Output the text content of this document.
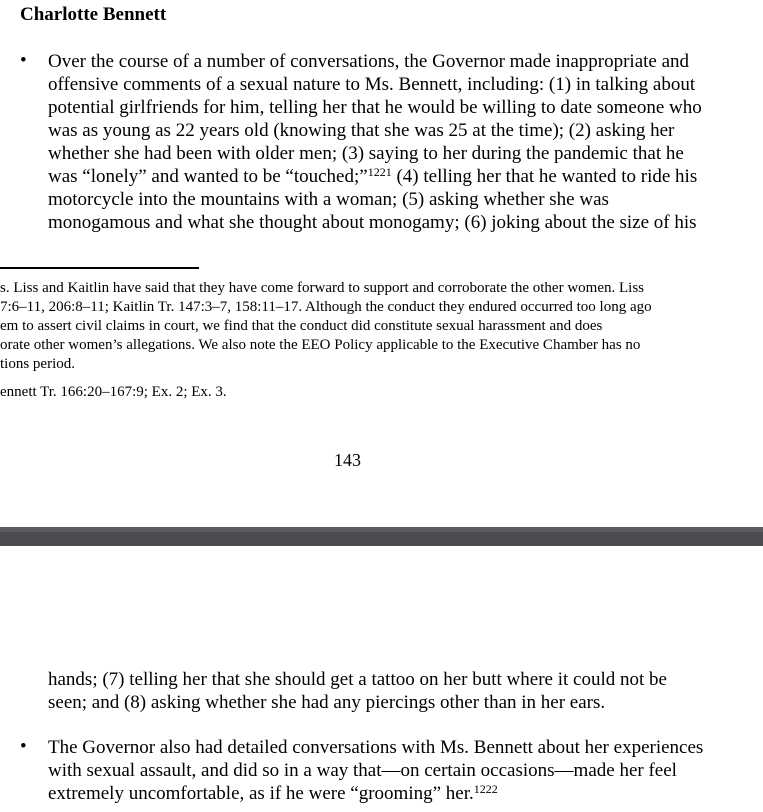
Charlotte Bennett
• Over the course of a number of conversations, the Governor made inappropriate and
offensive comments of a sexual nature to Ms. Bennett, including: (1) in talking about
potential girlfriends for him, telling her that he would be willing to date someone who
was as young as 22 years old (knowing that she was 25 at the time); (2) asking her
whether she had been with older men; (3) saying to her during the pandemic that he
was “lonely” and wanted to be “touched;”$^{1221}$ (4) telling her that he wanted to ride his
motorcycle into the mountains with a woman; (5) asking whether she was
monogamous and what she thought about monogamy; (6) joking about the size of his
s. Liss and Kaitlin have said that they have come forward to support and corroborate the other women. Liss
7:6–11, 206:8–11; Kaitlin Tr. 147:3–7, 158:11–17. Although the conduct they endured occurred too long ago
em to assert civil claims in court, we find that the conduct did constitute sexual harassment and does
orate other women’s allegations. We also note the EEO Policy applicable to the Executive Chamber has no
tions period.
ennett Tr. 166:20–167:9; Ex. 2; Ex. 3.
143
hands; (7) telling her that she should get a tattoo on her butt where it could not be
seen; and (8) asking whether she had any piercings other than in her ears.
• The Governor also had detailed conversations with Ms. Bennett about her experiences
with sexual assault, and did so in a way that—on certain occasions—made her feel
extremely uncomfortable, as if he were “grooming” her.$^{1222}$
